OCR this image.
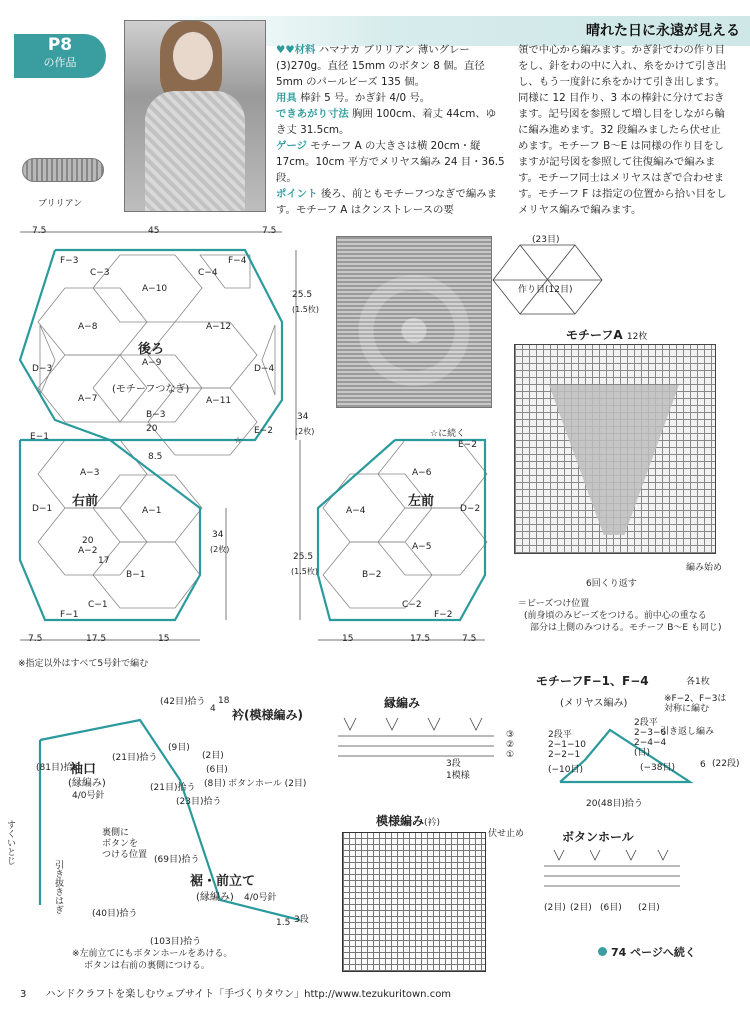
晴れた日に永遠が見える
P8
の作品
ブリリアン
♥♥材料 ハマナカ ブリリアン 薄いグレー(3)270g。直径 15mm のボタン 8 個。直径 5mm のパールビーズ 135 個。
用具 棒針 5 号。かぎ針 4/0 号。
できあがり寸法 胸囲 100cm、着丈 44cm、ゆき丈 31.5cm。
ゲージ モチーフ A の大きさは横 20cm・縦 17cm。10cm 平方でメリヤス編み 24 目・36.5 段。
ポイント 後ろ、前ともモチーフつなぎで編みます。モチーフ A はクンストレースの要
領で中心から編みます。かぎ針でわの作り目
をし、針をわの中に入れ、糸をかけて引き出
し、もう一度針に糸をかけて引き出します。
同様に 12 目作り、3 本の棒針に分けておき
ます。記号図を参照して増し目をしながら輪
に編み進めます。32 段編みましたら伏せ止
めます。モチーフ B〜E は同様の作り目をし
ますが記号図を参照して往復編みで編みま
す。モチーフ同士はメリヤスはぎで合わせま
す。モチーフ F は指定の位置から拾い目をし
メリヤス編みで編みます。
7.5	45	7.5
25.5
(1.5枚)
34
(2枚)
20
8.5
20
17
34
(2枚)
25.5
(1.5枚)
7.5	17.5	15	15	17.5	7.5
☆に続く
☆
F−3
C−3
A−10
C−4
F−4
A−8
A−9
A−12
D−3	D−4
A−7	A−11
E−1
B−3
E−2
後ろ
(モチーフつなぎ)
A−3
D−1	A−1
A−2
B−1
C−1
F−1
右前
E−2
A−6
D−2
A−4
A−5
B−2
C−2
F−2
左前
(23目)
作り目(12目)
モチーフA 12枚
6回くり返す
編み始め
＝ビーズつけ位置
(前身頃のみビーズをつける。前中心の重なる
部分は上側のみつける。モチーフ B〜E も同じ)
※指定以外はすべて5号針で編む
衿(模様編み)
(42目)拾う
4
18
(9目)
(2目)
(21目)拾う
(6目)
(81目)拾う
(21目)拾う (8目)
(23目)拾う
(69目)拾う
(40目)拾う
(103目)拾う
1.5 3段
袖口
(縁編み)
4/0号針
ボタンホール (2目)
裏側に
ボタンを
つける位置
裾・前立て
(縁編み) 4/0号針
すくいとじ
引き抜きはぎ
※左前立てにもボタンホールをあける。
ボタンは右前の裏側につける。
縁編み
③
②
①
3段
1模様
模様編み(衿)
伏せ止め
モチーフF−1、F−4	各1枚
(メリヤス編み)	※F−2、F−3は対称に編む
引き返し編み
2段平
2−1−10
2−2−1
2段平
2−3−6
2−4−4
(目)
(−10目)	(−38目)	6 (22段)
20(48目)拾う
ボタンホール
(2目) (2目) (6目) (2目)
74 ページへ続く
3 ハンドクラフトを楽しむウェブサイト「手づくりタウン」http://www.tezukuritown.com
